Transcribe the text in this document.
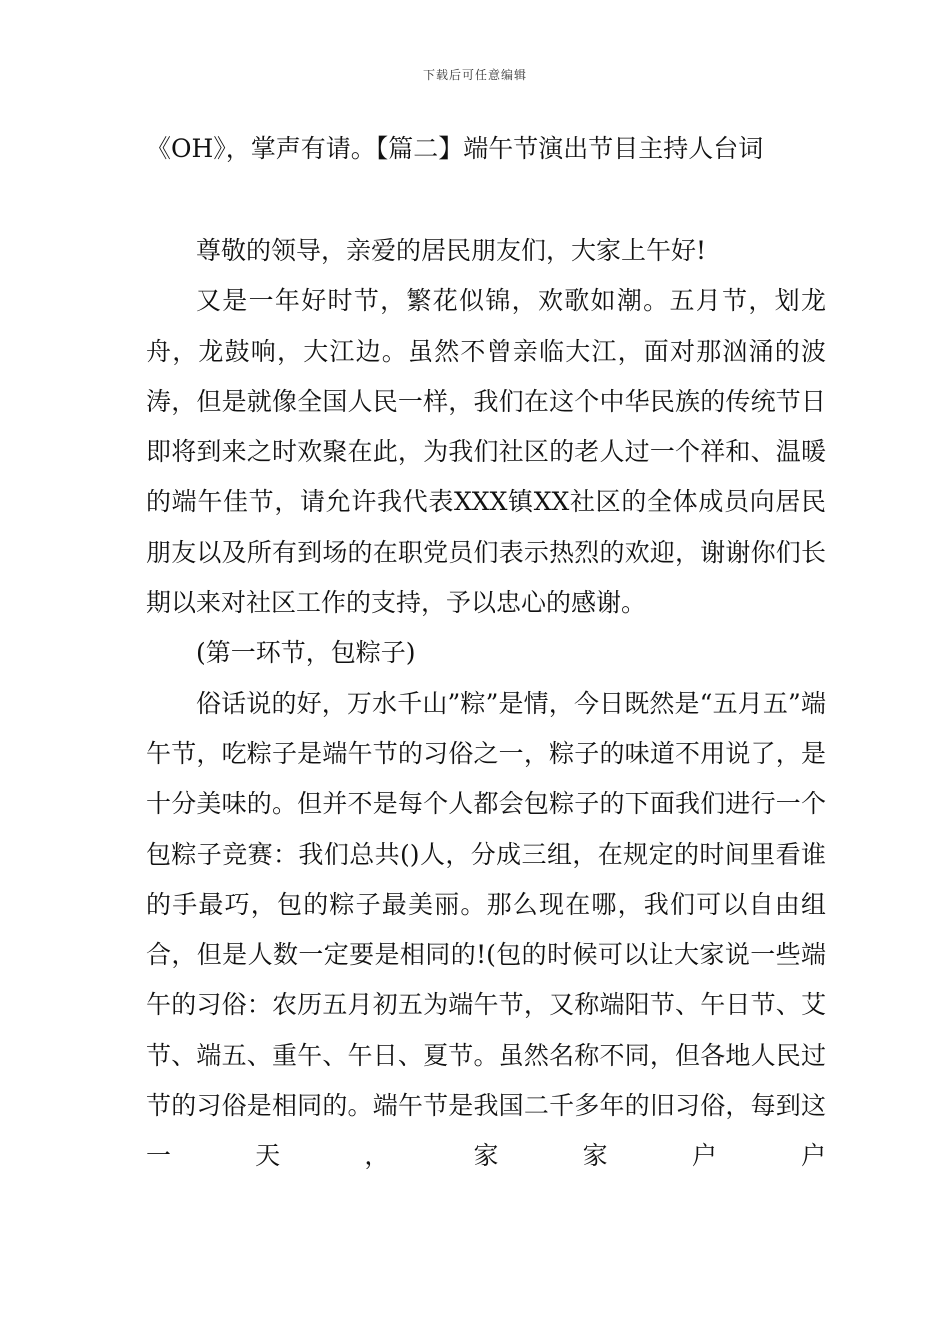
下载后可任意编辑
《OH》，掌声有请。【篇二】端午节演出节目主持人台词

尊敬的领导，亲爱的居民朋友们，大家上午好!

又是一年好时节，繁花似锦，欢歌如潮。五月节，划龙舟，龙鼓响，大江边。虽然不曾亲临大江，面对那汹涌的波涛，但是就像全国人民一样，我们在这个中华民族的传统节日即将到来之时欢聚在此，为我们社区的老人过一个祥和、温暖的端午佳节，请允许我代表XXX镇XX社区的全体成员向居民朋友以及所有到场的在职党员们表示热烈的欢迎，谢谢你们长期以来对社区工作的支持，予以忠心的感谢。

(第一环节，包粽子)

俗话说的好，万水千山”粽”是情，今日既然是“五月五”端午节，吃粽子是端午节的习俗之一，粽子的味道不用说了，是十分美味的。但并不是每个人都会包粽子的下面我们进行一个包粽子竞赛：我们总共()人，分成三组，在规定的时间里看谁的手最巧，包的粽子最美丽。那么现在哪，我们可以自由组合，但是人数一定要是相同的!(包的时候可以让大家说一些端午的习俗：农历五月初五为端午节，又称端阳节、午日节、艾节、端五、重午、午日、夏节。虽然名称不同，但各地人民过节的习俗是相同的。端午节是我国二千多年的旧习俗，每到这一天，家家户户
